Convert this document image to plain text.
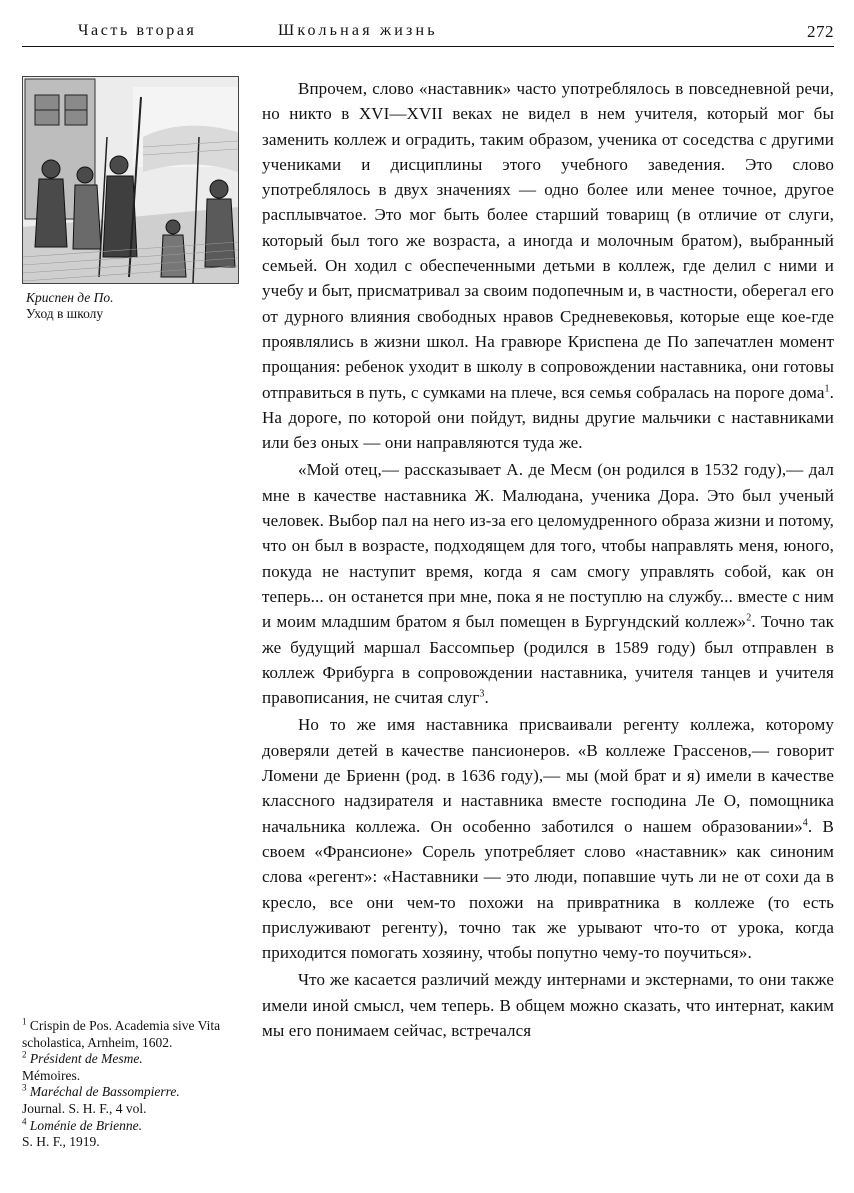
Часть вторая	Школьная жизнь	272
Криспен де По.
Уход в школу

Впрочем, слово «наставник» часто употреблялось в повседневной речи, но никто в XVI—XVII веках не видел в нем учителя, который мог бы заменить коллеж и оградить, таким образом, ученика от соседства с другими учениками и дисциплины этого учебного заведения. Это слово употреблялось в двух значениях — одно более или менее точное, другое расплывчатое. Это мог быть более старший товарищ (в отличие от слуги, который был того же возраста, а иногда и молочным братом), выбранный семьей. Он ходил с обеспеченными детьми в коллеж, где делил с ними и учебу и быт, присматривал за своим подопечным и, в частности, оберегал его от дурного влияния свободных нравов Средневековья, которые еще кое-где проявлялись в жизни школ. На гравюре Криспена де По запечатлен момент прощания: ребенок уходит в школу в сопровождении наставника, они готовы отправиться в путь, с сумками на плече, вся семья собралась на пороге дома$^1$. На дороге, по которой они пойдут, видны другие мальчики с наставниками или без оных — они направляются туда же.

«Мой отец,— рассказывает А. де Месм (он родился в 1532 году),— дал мне в качестве наставника Ж. Малюдана, ученика Дора. Это был ученый человек. Выбор пал на него из-за его целомудренного образа жизни и потому, что он был в возрасте, подходящем для того, чтобы направлять меня, юного, покуда не наступит время, когда я сам смогу управлять собой, как он теперь... он останется при мне, пока я не поступлю на службу... вместе с ним и моим младшим братом я был помещен в Бургундский коллеж»$^2$. Точно так же будущий маршал Бассомпьер (родился в 1589 году) был отправлен в коллеж Фрибурга в сопровождении наставника, учителя танцев и учителя правописания, не считая слуг$^3$.

Но то же имя наставника присваивали регенту коллежа, которому доверяли детей в качестве пансионеров. «В коллеже Грассенов,— говорит Ломени де Бриенн (род. в 1636 году),— мы (мой брат и я) имели в качестве классного надзирателя и наставника вместе господина Ле О, помощника начальника коллежа. Он особенно заботился о нашем образовании»$^4$. В своем «Франсионе» Сорель употребляет слово «наставник» как синоним слова «регент»: «Наставники — это люди, попавшие чуть ли не от сохи да в кресло, все они чем-то похожи на привратника в коллеже (то есть прислуживают регенту), точно так же урывают что-то от урока, когда приходится помогать хозяину, чтобы попутно чему-то поучиться».

Что же касается различий между интернами и экстернами, то они также имели иной смысл, чем теперь. В общем можно сказать, что интернат, каким мы его понимаем сейчас, встречался

$^1$ Crispin de Pos. Academia sive Vita scholastica, Arnheim, 1602.

$^2$ Président de Mesme.
Mémoires.

$^3$ Maréchal de Bassompierre.
Journal. S. H. F., 4 vol.

$^4$ Loménie de Brienne.
S. H. F., 1919.
